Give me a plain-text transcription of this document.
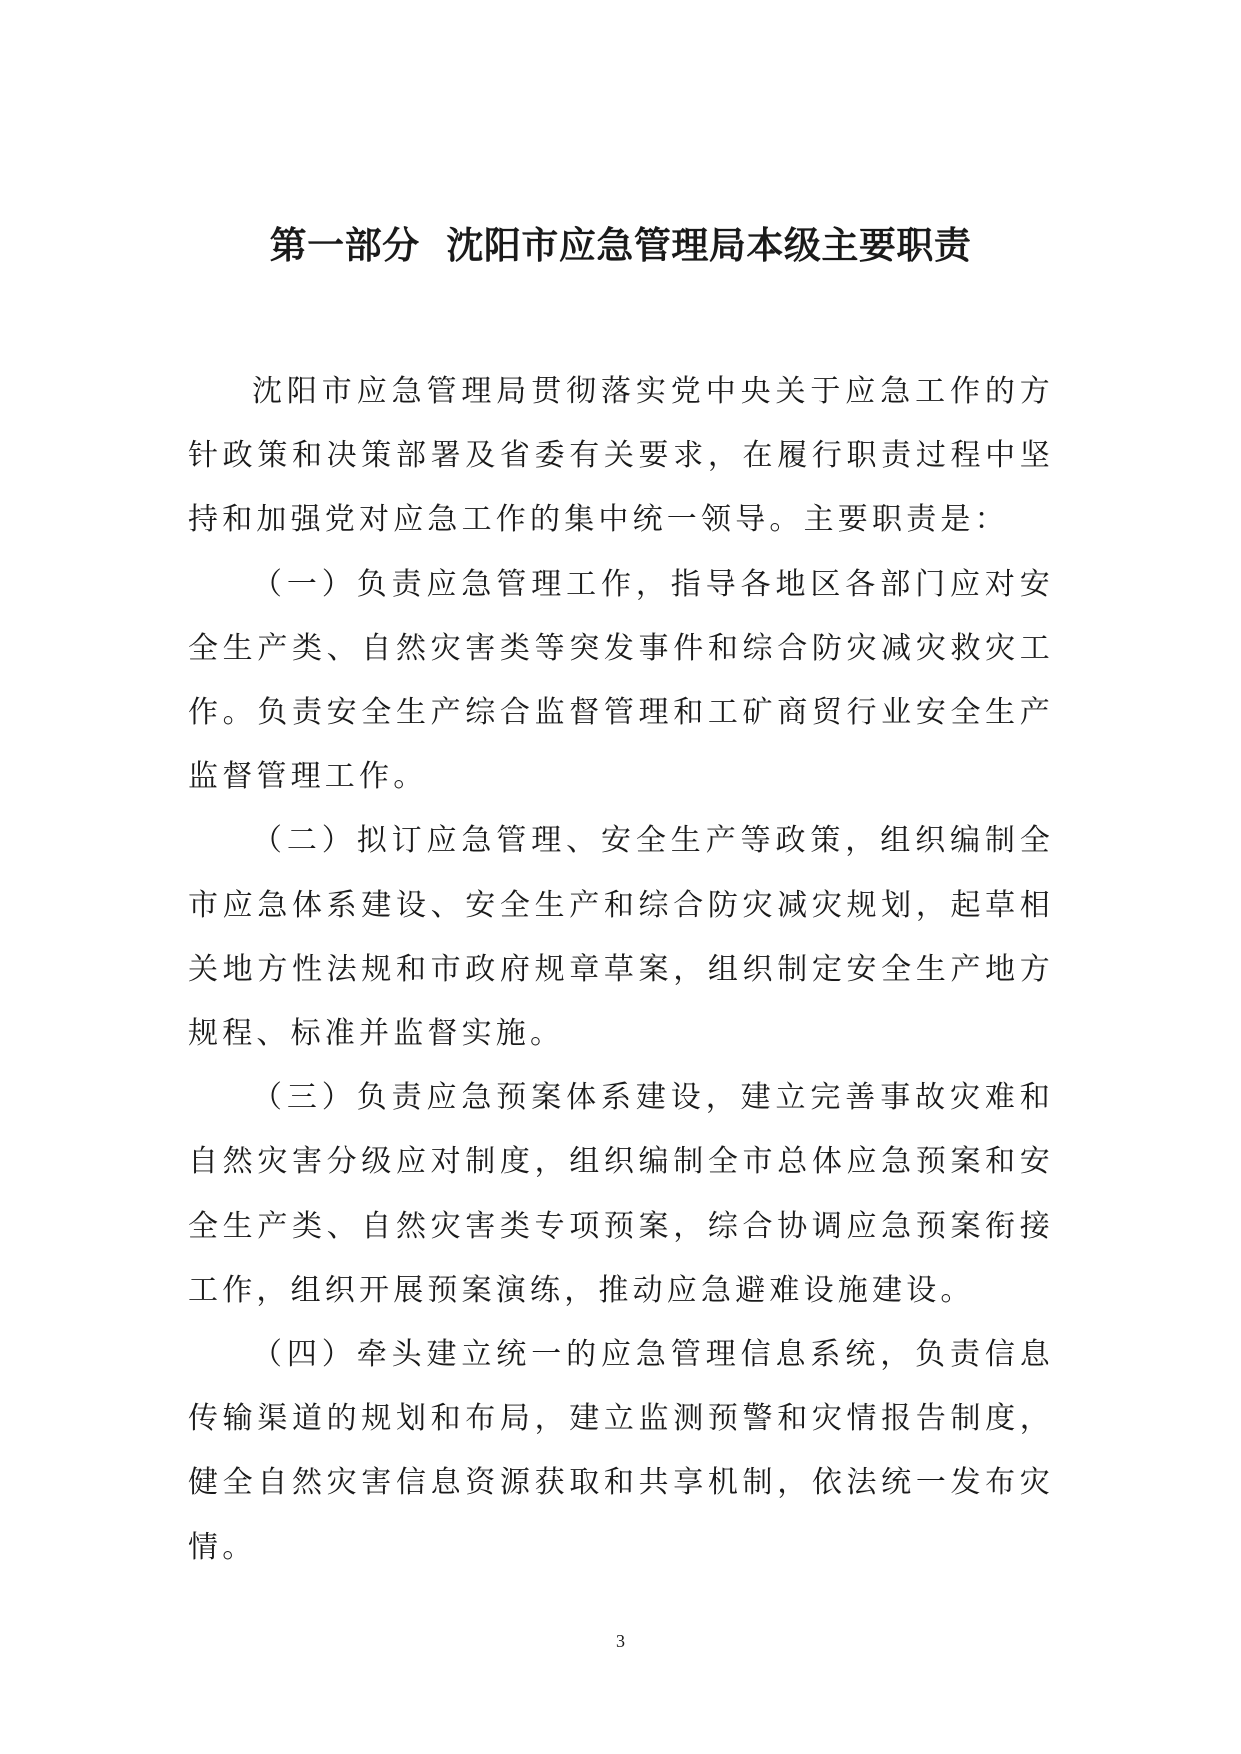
第一部分  沈阳市应急管理局本级主要职责

沈阳市应急管理局贯彻落实党中央关于应急工作的方针政策和决策部署及省委有关要求，在履行职责过程中坚持和加强党对应急工作的集中统一领导。主要职责是：

（一）负责应急管理工作，指导各地区各部门应对安全生产类、自然灾害类等突发事件和综合防灾减灾救灾工作。负责安全生产综合监督管理和工矿商贸行业安全生产监督管理工作。

（二）拟订应急管理、安全生产等政策，组织编制全市应急体系建设、安全生产和综合防灾减灾规划，起草相关地方性法规和市政府规章草案，组织制定安全生产地方规程、标准并监督实施。

（三）负责应急预案体系建设，建立完善事故灾难和自然灾害分级应对制度，组织编制全市总体应急预案和安全生产类、自然灾害类专项预案，综合协调应急预案衔接工作，组织开展预案演练，推动应急避难设施建设。

（四）牵头建立统一的应急管理信息系统，负责信息传输渠道的规划和布局，建立监测预警和灾情报告制度，健全自然灾害信息资源获取和共享机制，依法统一发布灾情。

3
